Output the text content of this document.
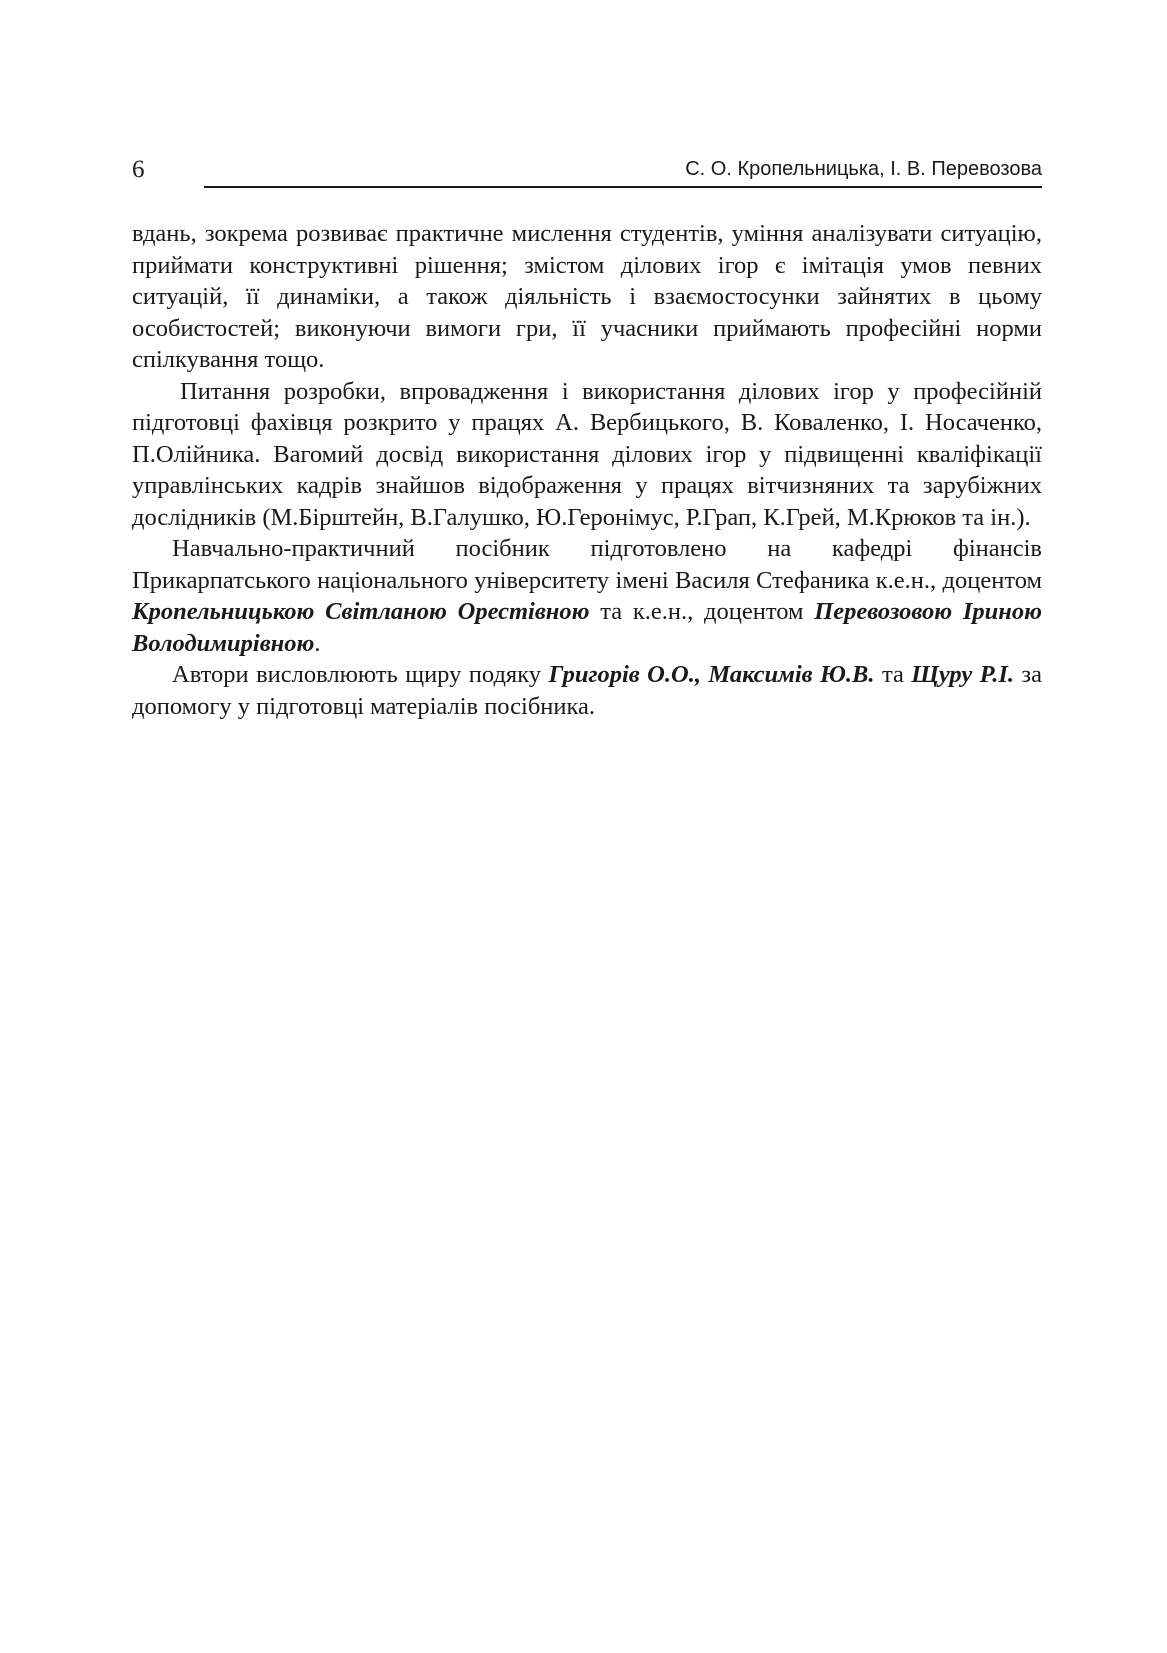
6	С. О. Кропельницька, І. В. Перевозова

вдань, зокрема розвиває практичне мислення студентів, уміння аналізувати ситуацію, приймати конструктивні рішення; змістом ділових ігор є імітація умов певних ситуацій, її динаміки, а також діяльність і взаємостосунки зайнятих в цьому особистостей; виконуючи вимоги гри, її учасники приймають професійні норми спілкування тощо.

Питання розробки, впровадження і використання ділових ігор у професійній підготовці фахівця розкрито у працях А. Вербицького, В. Коваленко, І. Носаченко, П.Олійника. Вагомий досвід використання ділових ігор у підвищенні кваліфікації управлінських кадрів знайшов відображення у працях вітчизняних та зарубіжних дослідників (М.Бірштейн, В.Галушко, Ю.Геронімус, Р.Грап, К.Грей, М.Крюков та ін.).

Навчально-практичний посібник підготовлено на кафедрі фінансів Прикарпатського національного університету імені Василя Стефаника к.е.н., доцентом Кропельницькою Світланою Орестівною та к.е.н., доцентом Перевозовою Іриною Володимирівною.

Автори висловлюють щиру подяку Григорів О.О., Максимів Ю.В. та Щуру Р.І. за допомогу у підготовці матеріалів посібника.
